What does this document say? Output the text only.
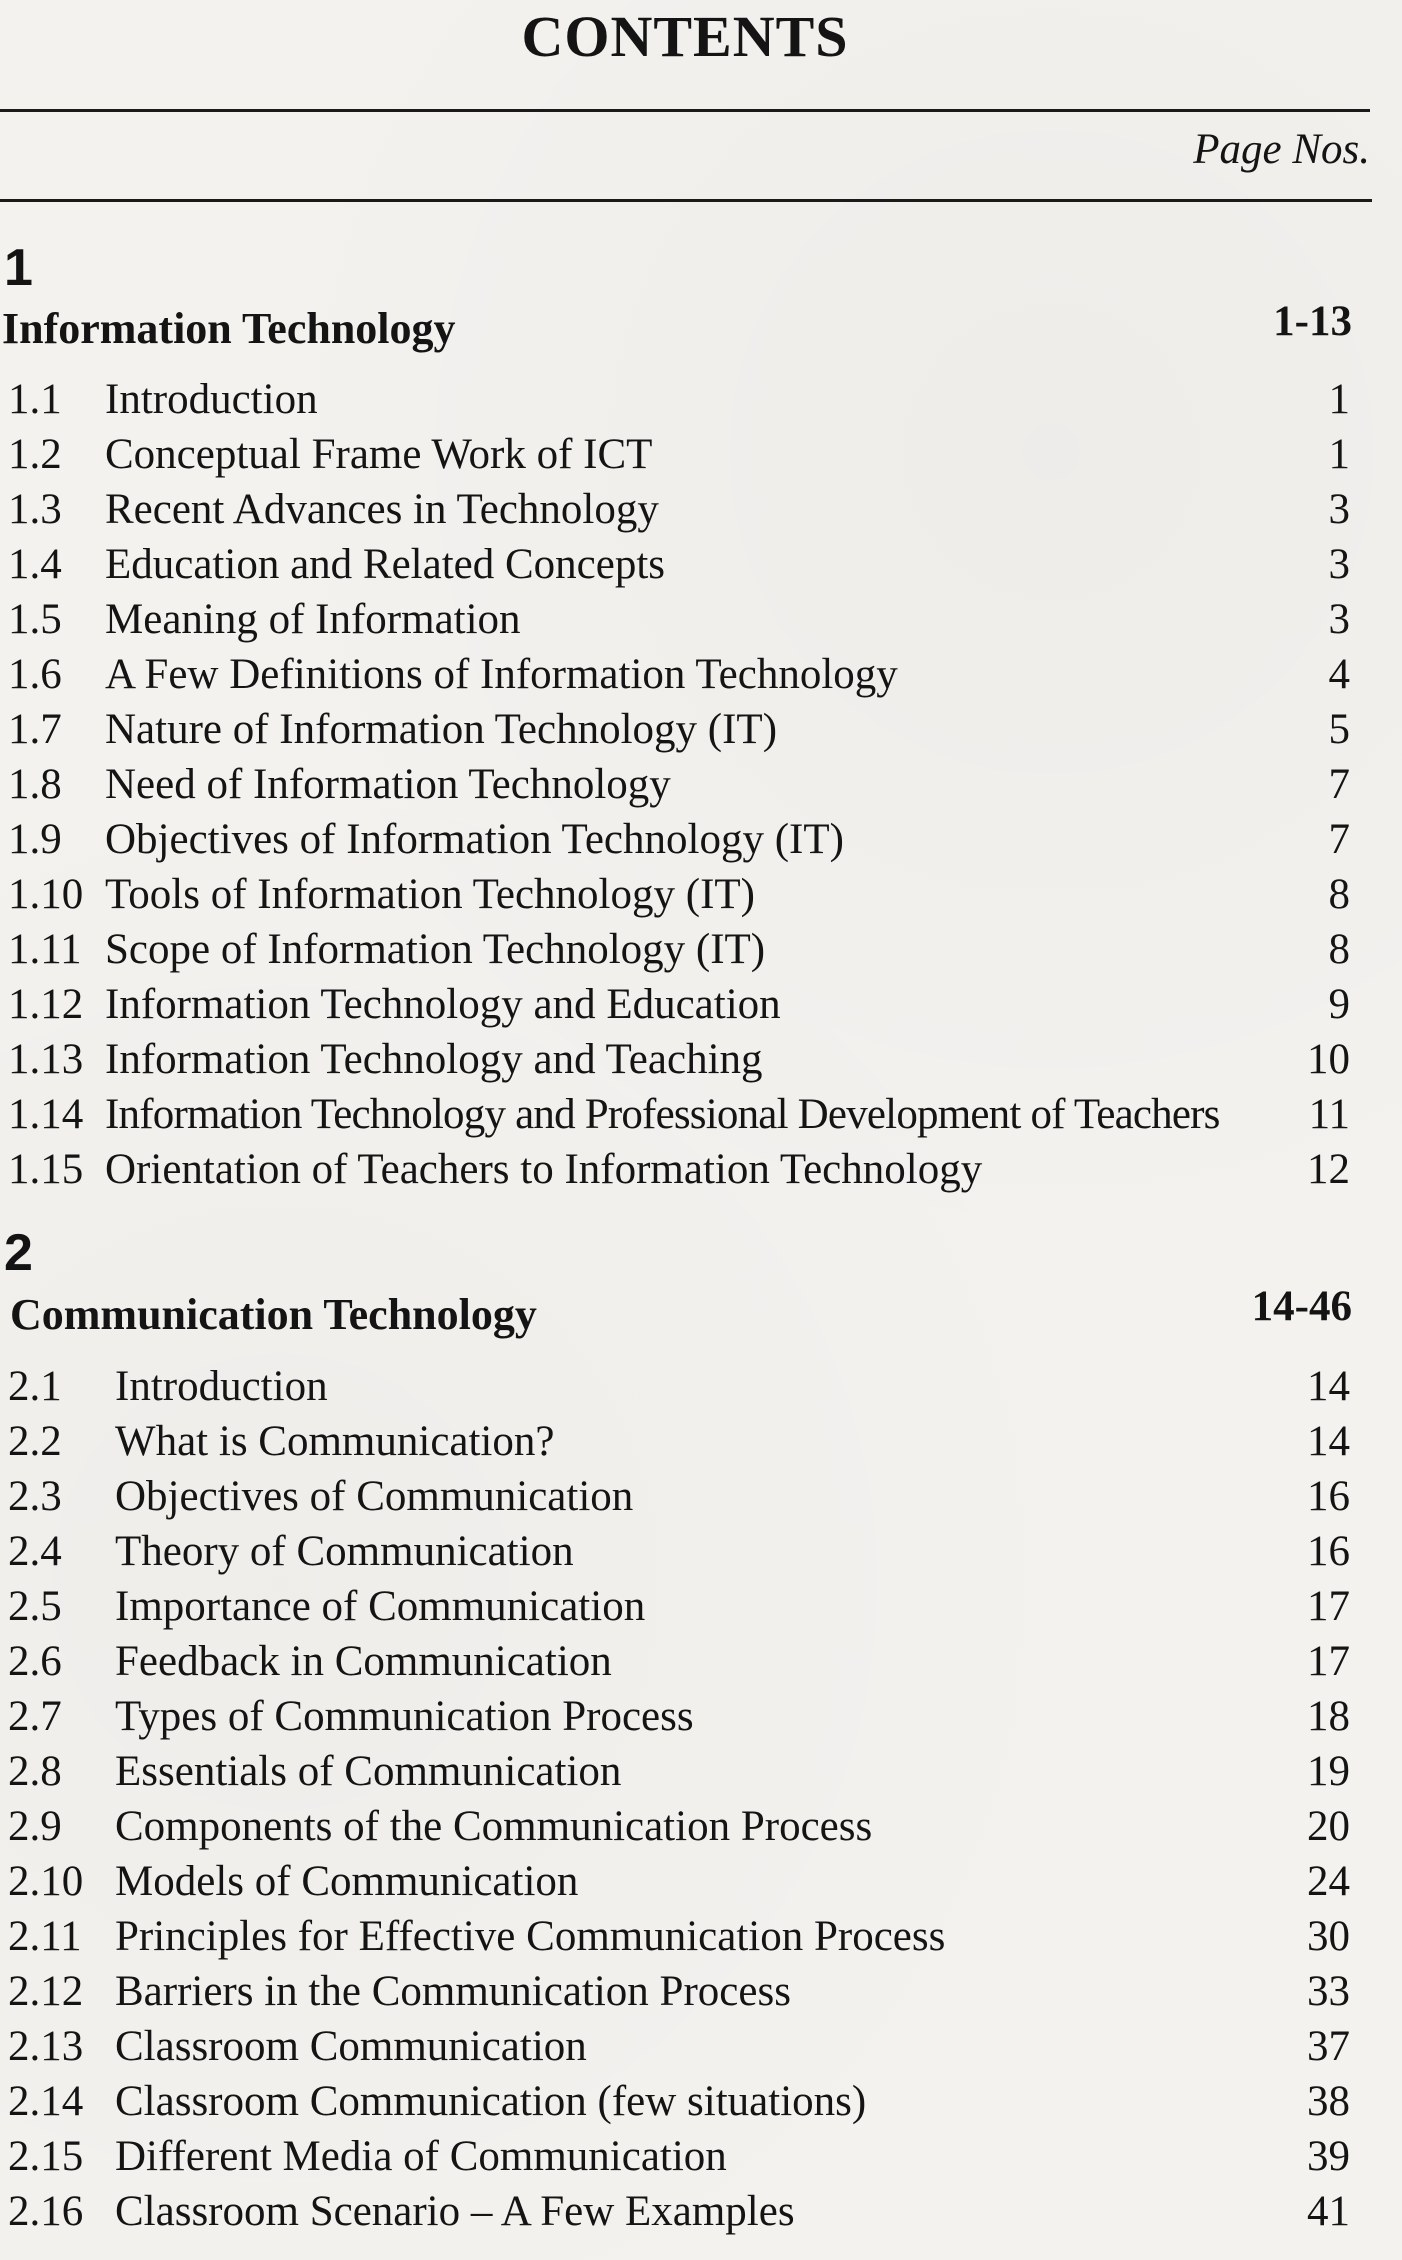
CONTENTS
Page Nos.
1
Information Technology	1-13
1.1	Introduction	1
1.2	Conceptual Frame Work of ICT	1
1.3	Recent Advances in Technology	3
1.4	Education and Related Concepts	3
1.5	Meaning of Information	3
1.6	A Few Definitions of Information Technology	4
1.7	Nature of Information Technology (IT)	5
1.8	Need of Information Technology	7
1.9	Objectives of Information Technology (IT)	7
1.10 Tools of Information Technology (IT)	8
1.11 Scope of Information Technology (IT)	8
1.12 Information Technology and Education	9
1.13 Information Technology and Teaching	10
1.14 Information Technology and Professional Development of Teachers 11
1.15 Orientation of Teachers to Information Technology	12
2
Communication Technology	14-46
2.1	Introduction	14
2.2	What is Communication?	14
2.3	Objectives of Communication	16
2.4	Theory of Communication	16
2.5	Importance of Communication	17
2.6	Feedback in Communication	17
2.7	Types of Communication Process	18
2.8	Essentials of Communication	19
2.9	Components of the Communication Process	20
2.10 Models of Communication	24
2.11 Principles for Effective Communication Process	30
2.12 Barriers in the Communication Process	33
2.13 Classroom Communication	37
2.14 Classroom Communication (few situations)	38
2.15 Different Media of Communication	39
2.16 Classroom Scenario – A Few Examples	41
